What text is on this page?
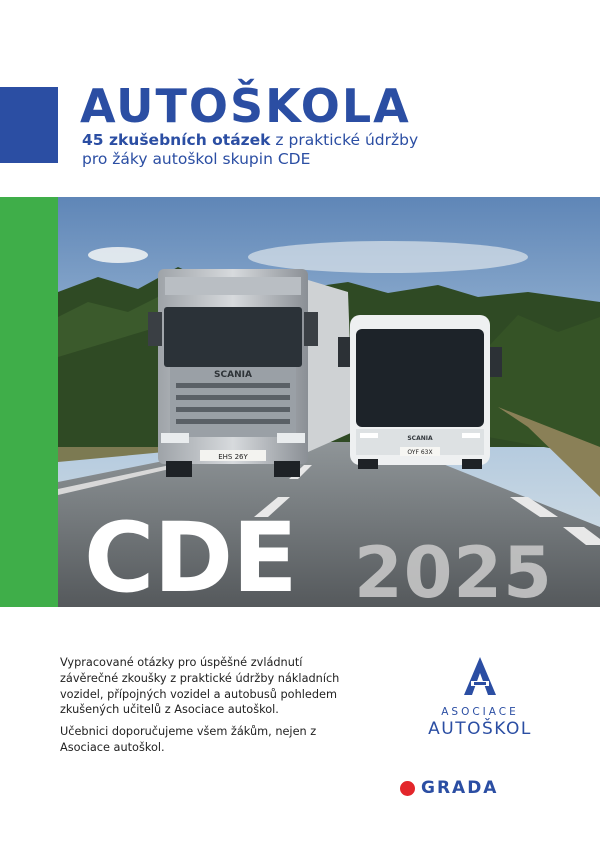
AUTOŠKOLA
45 zkušebních otázek z praktické údržby
pro žáky autoškol skupin CDE
SCANIA
EHS 26Y
SCANIA
OYF 63X
CDE 2025

Vypracované otázky pro úspěšné zvládnutí závěrečné zkoušky z praktické údržby nákladních vozidel, přípojných vozidel a autobusů pohledem zkušených učitelů z Asociace autoškol.

Učebnici doporučujeme všem žákům, nejen z Asociace autoškol.

ASOCIACE
AUTOŠKOL
GRADA
